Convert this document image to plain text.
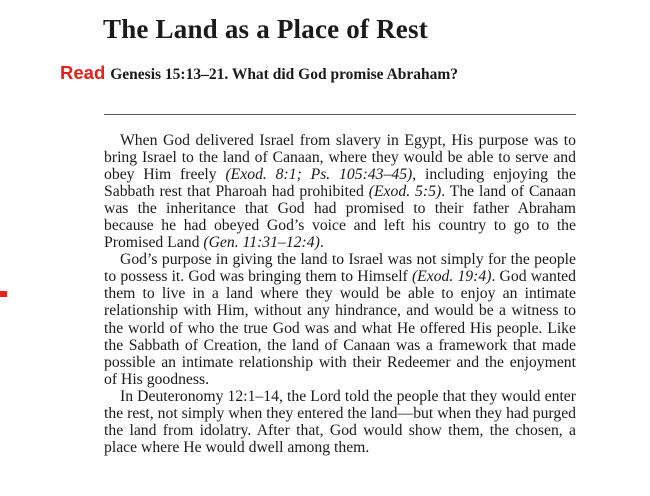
The Land as a Place of Rest
Read Genesis 15:13–21. What did God promise Abraham?

When God delivered Israel from slavery in Egypt, His purpose was to bring Israel to the land of Canaan, where they would be able to serve and obey Him freely (Exod. 8:1; Ps. 105:43–45), including enjoying the Sabbath rest that Pharoah had prohibited (Exod. 5:5). The land of Canaan was the inheritance that God had promised to their father Abraham because he had obeyed God’s voice and left his country to go to the Promised Land (Gen. 11:31–12:4).

God’s purpose in giving the land to Israel was not simply for the people to possess it. God was bringing them to Himself (Exod. 19:4). God wanted them to live in a land where they would be able to enjoy an intimate relationship with Him, without any hindrance, and would be a witness to the world of who the true God was and what He offered His people. Like the Sabbath of Creation, the land of Canaan was a framework that made possible an intimate relationship with their Redeemer and the enjoyment of His goodness.

In Deuteronomy 12:1–14, the Lord told the people that they would enter the rest, not simply when they entered the land—but when they had purged the land from idolatry. After that, God would show them, the chosen, a place where He would dwell among them.
